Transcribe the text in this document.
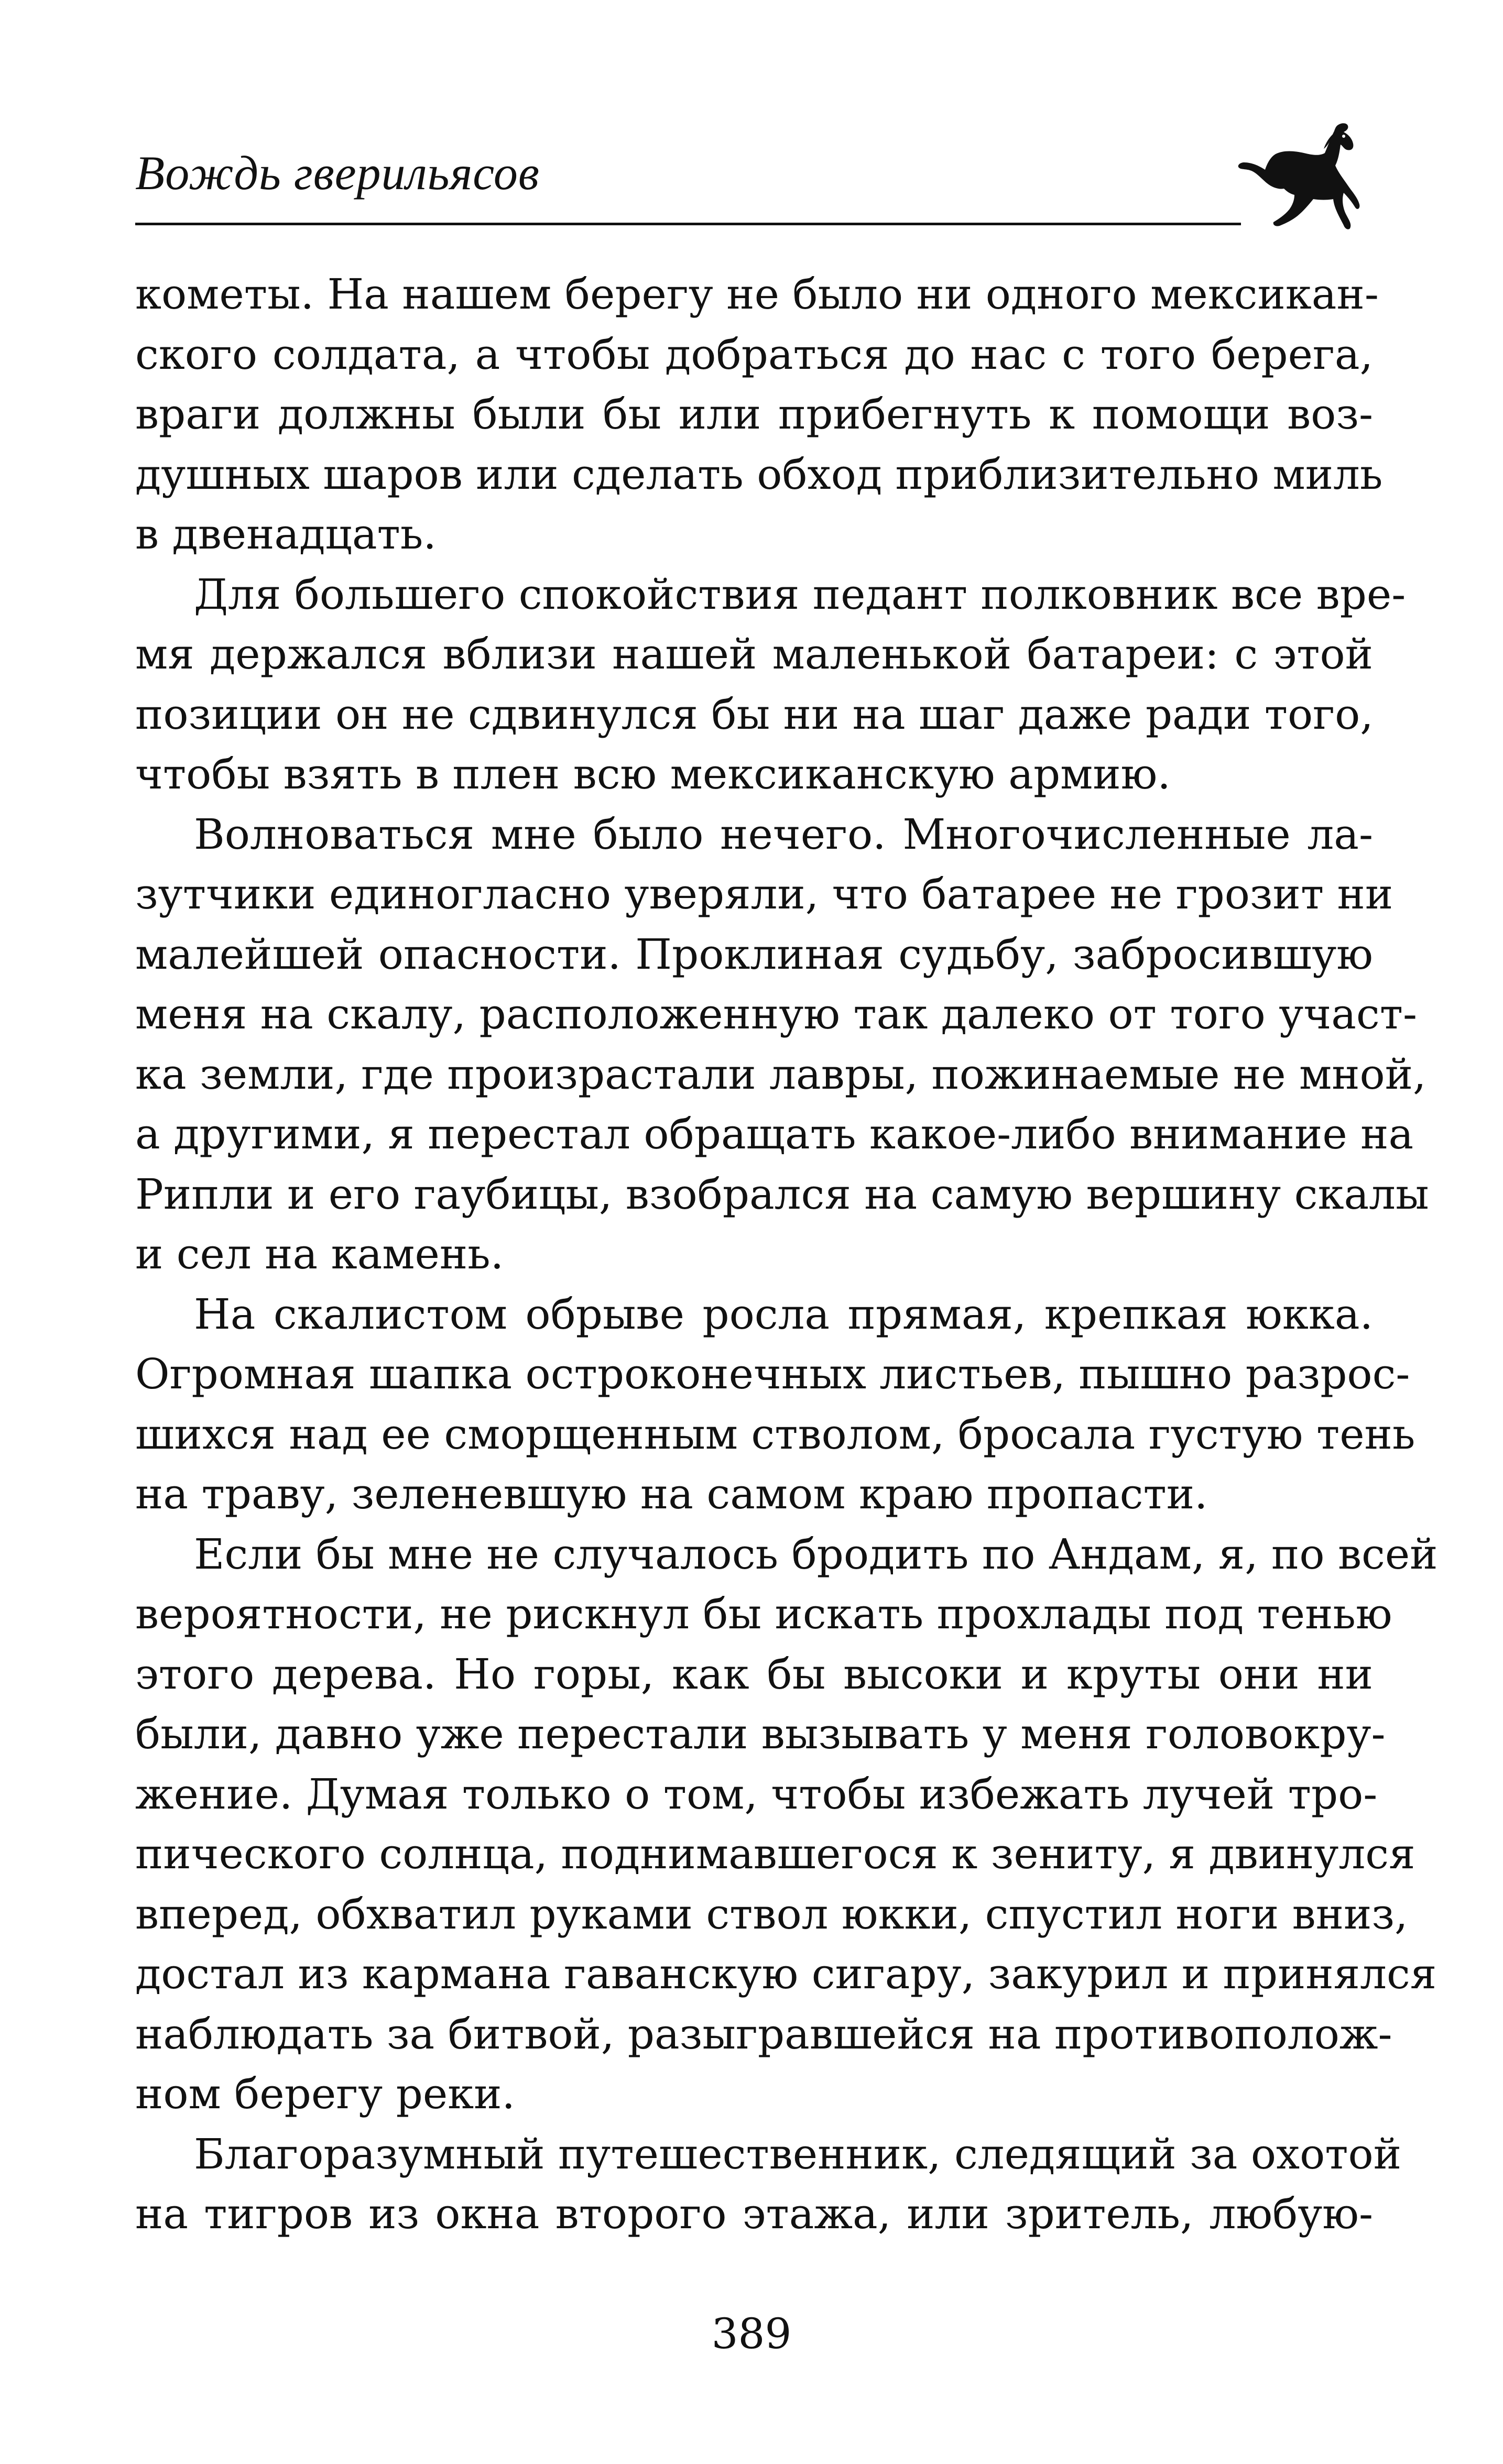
Вождь гверильясов
кометы. На нашем берегу не было ни одного мексикан-
ского солдата, а чтобы добраться до нас с того берега,
враги должны были бы или прибегнуть к помощи воз-
душных шаров или сделать обход приблизительно миль
в двенадцать.
Для большего спокойствия педант полковник все вре-
мя держался вблизи нашей маленькой батареи: с этой
позиции он не сдвинулся бы ни на шаг даже ради того,
чтобы взять в плен всю мексиканскую армию.
Волноваться мне было нечего. Многочисленные ла-
зутчики единогласно уверяли, что батарее не грозит ни
малейшей опасности. Проклиная судьбу, забросившую
меня на скалу, расположенную так далеко от того участ-
ка земли, где произрастали лавры, пожинаемые не мной,
а другими, я перестал обращать какое-либо внимание на
Рипли и его гаубицы, взобрался на самую вершину скалы
и сел на камень.
На скалистом обрыве росла прямая, крепкая юкка.
Огромная шапка остроконечных листьев, пышно разрос-
шихся над ее сморщенным стволом, бросала густую тень
на траву, зеленевшую на самом краю пропасти.
Если бы мне не случалось бродить по Андам, я, по всей
вероятности, не рискнул бы искать прохлады под тенью
этого дерева. Но горы, как бы высоки и круты они ни
были, давно уже перестали вызывать у меня головокру-
жение. Думая только о том, чтобы избежать лучей тро-
пического солнца, поднимавшегося к зениту, я двинулся
вперед, обхватил руками ствол юкки, спустил ноги вниз,
достал из кармана гаванскую сигару, закурил и принялся
наблюдать за битвой, разыгравшейся на противополож-
ном берегу реки.
Благоразумный путешественник, следящий за охотой
на тигров из окна второго этажа, или зритель, любую-
389
